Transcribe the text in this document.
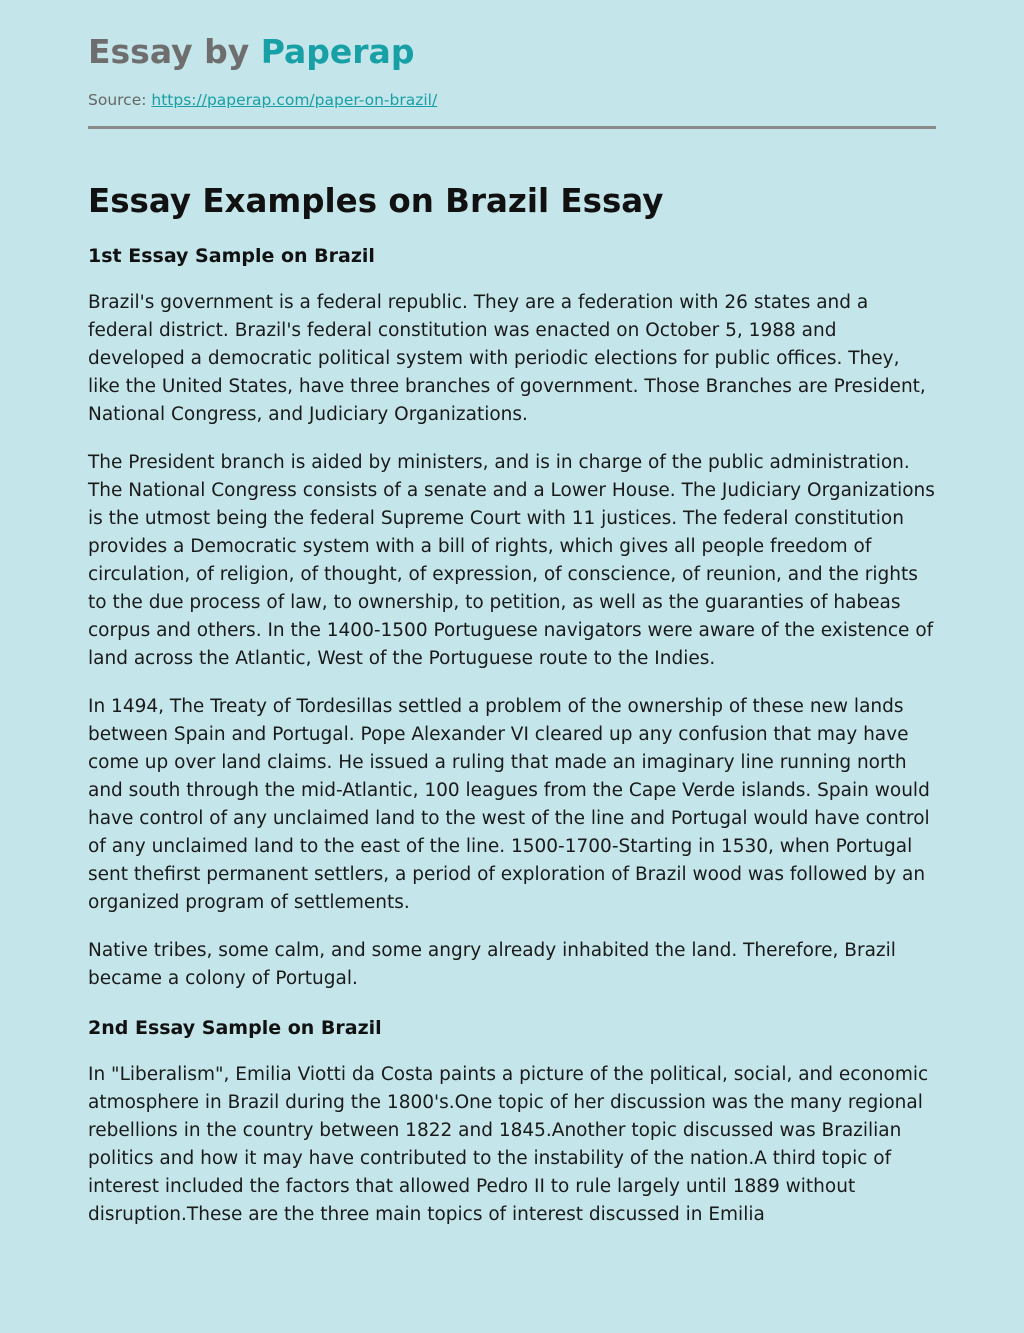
Essay by Paperap
Source: https://paperap.com/paper-on-brazil/
Essay Examples on Brazil Essay
1st Essay Sample on Brazil

Brazil's government is a federal republic. They are a federation with 26 states and a federal district. Brazil's federal constitution was enacted on October 5, 1988 and developed a democratic political system with periodic elections for public offices. They, like the United States, have three branches of government. Those Branches are President, National Congress, and Judiciary Organizations.

The President branch is aided by ministers, and is in charge of the public administration. The National Congress consists of a senate and a Lower House. The Judiciary Organizations is the utmost being the federal Supreme Court with 11 justices. The federal constitution provides a Democratic system with a bill of rights, which gives all people freedom of circulation, of religion, of thought, of expression, of conscience, of reunion, and the rights to the due process of law, to ownership, to petition, as well as the guaranties of habeas corpus and others. In the 1400-1500 Portuguese navigators were aware of the existence of land across the Atlantic, West of the Portuguese route to the Indies.

In 1494, The Treaty of Tordesillas settled a problem of the ownership of these new lands between Spain and Portugal. Pope Alexander VI cleared up any confusion that may have come up over land claims. He issued a ruling that made an imaginary line running north and south through the mid-Atlantic, 100 leagues from the Cape Verde islands. Spain would have control of any unclaimed land to the west of the line and Portugal would have control of any unclaimed land to the east of the line. 1500-1700-Starting in 1530, when Portugal sent thefirst permanent settlers, a period of exploration of Brazil wood was followed by an organized program of settlements.

Native tribes, some calm, and some angry already inhabited the land. Therefore, Brazil became a colony of Portugal.

2nd Essay Sample on Brazil

In "Liberalism", Emilia Viotti da Costa paints a picture of the political, social, and economic atmosphere in Brazil during the 1800's.One topic of her discussion was the many regional rebellions in the country between 1822 and 1845.Another topic discussed was Brazilian politics and how it may have contributed to the instability of the nation.A third topic of interest included the factors that allowed Pedro II to rule largely until 1889 without disruption.These are the three main topics of interest discussed in Emilia
